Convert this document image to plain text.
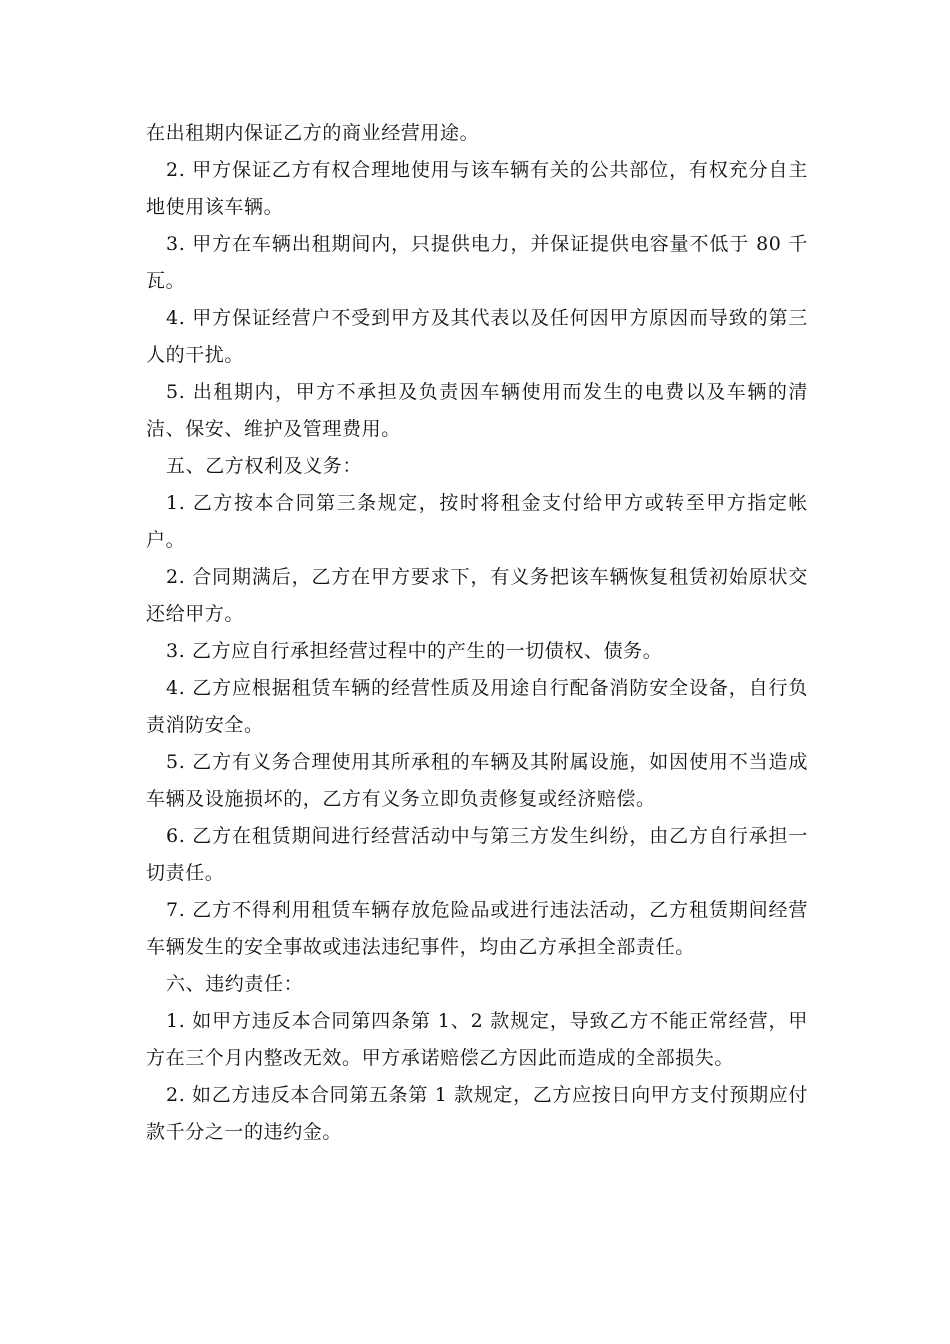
在出租期内保证乙方的商业经营用途。

2. 甲方保证乙方有权合理地使用与该车辆有关的公共部位，有权充分自主地使用该车辆。

3. 甲方在车辆出租期间内，只提供电力，并保证提供电容量不低于 80 千瓦。

4. 甲方保证经营户不受到甲方及其代表以及任何因甲方原因而导致的第三人的干扰。

5. 出租期内，甲方不承担及负责因车辆使用而发生的电费以及车辆的清洁、保安、维护及管理费用。

五、乙方权利及义务：

1. 乙方按本合同第三条规定，按时将租金支付给甲方或转至甲方指定帐户。

2. 合同期满后，乙方在甲方要求下，有义务把该车辆恢复租赁初始原状交还给甲方。

3. 乙方应自行承担经营过程中的产生的一切债权、债务。

4. 乙方应根据租赁车辆的经营性质及用途自行配备消防安全设备，自行负责消防安全。

5. 乙方有义务合理使用其所承租的车辆及其附属设施，如因使用不当造成车辆及设施损坏的，乙方有义务立即负责修复或经济赔偿。

6. 乙方在租赁期间进行经营活动中与第三方发生纠纷，由乙方自行承担一切责任。

7. 乙方不得利用租赁车辆存放危险品或进行违法活动，乙方租赁期间经营车辆发生的安全事故或违法违纪事件，均由乙方承担全部责任。

六、违约责任：

1. 如甲方违反本合同第四条第 1、2 款规定，导致乙方不能正常经营，甲方在三个月内整改无效。甲方承诺赔偿乙方因此而造成的全部损失。

2. 如乙方违反本合同第五条第 1 款规定，乙方应按日向甲方支付预期应付款千分之一的违约金。
